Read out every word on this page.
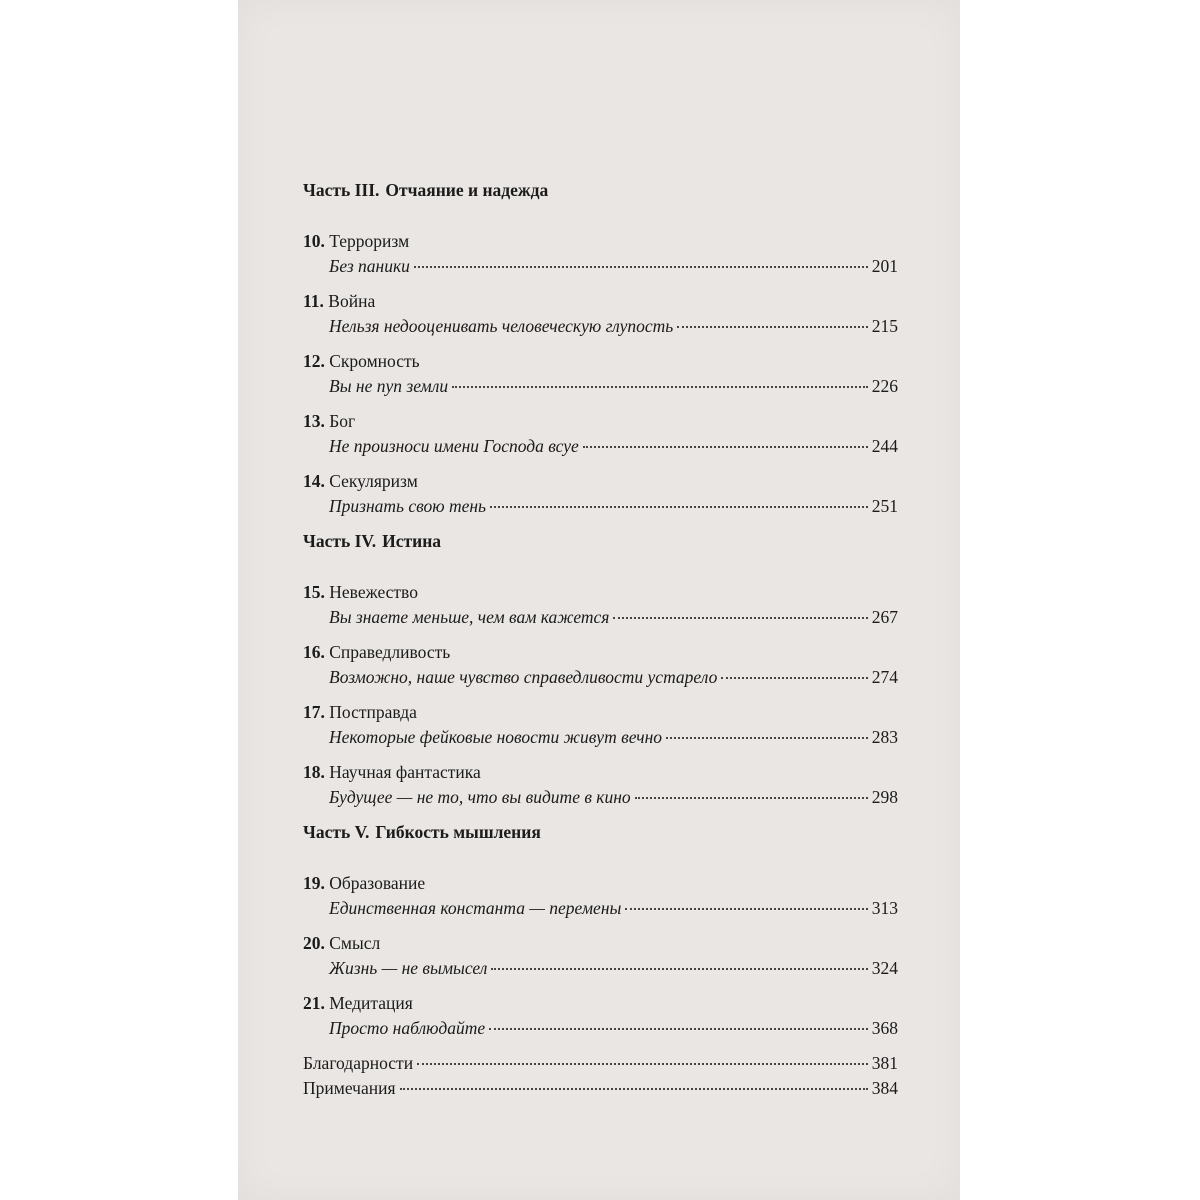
Часть III. Отчаяние и надежда
10. Терроризм
Без паники	201
11. Война
Нельзя недооценивать человеческую глупость	215
12. Скромность
Вы не пуп земли	226
13. Бог
Не произноси имени Господа всуе	244
14. Секуляризм
Признать свою тень	251
Часть IV. Истина
15. Невежество
Вы знаете меньше, чем вам кажется	267
16. Справедливость
Возможно, наше чувство справедливости устарело	274
17. Постправда
Некоторые фейковые новости живут вечно	283
18. Научная фантастика
Будущее — не то, что вы видите в кино	298
Часть V. Гибкость мышления
19. Образование
Единственная константа — перемены	313
20. Смысл
Жизнь — не вымысел	324
21. Медитация
Просто наблюдайте	368
Благодарности	381
Примечания	384
